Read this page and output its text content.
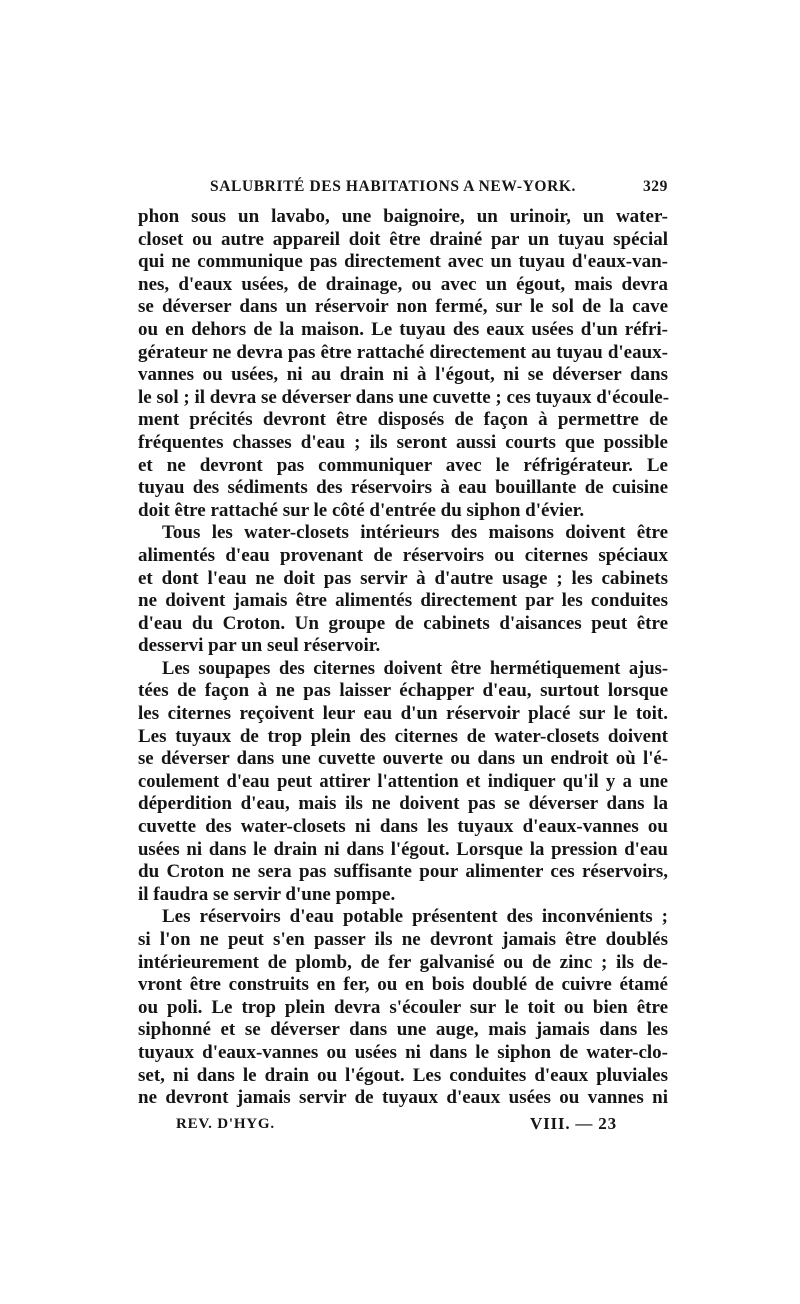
SALUBRITÉ DES HABITATIONS A NEW-YORK.	329

phon sous un lavabo, une baignoire, un urinoir, un water-
closet ou autre appareil doit être drainé par un tuyau spécial
qui ne communique pas directement avec un tuyau d'eaux-van-
nes, d'eaux usées, de drainage, ou avec un égout, mais devra
se déverser dans un réservoir non fermé, sur le sol de la cave
ou en dehors de la maison. Le tuyau des eaux usées d'un réfri-
gérateur ne devra pas être rattaché directement au tuyau d'eaux-
vannes ou usées, ni au drain ni à l'égout, ni se déverser dans
le sol ; il devra se déverser dans une cuvette ; ces tuyaux d'écoule-
ment précités devront être disposés de façon à permettre de
fréquentes chasses d'eau ; ils seront aussi courts que possible
et ne devront pas communiquer avec le réfrigérateur. Le
tuyau des sédiments des réservoirs à eau bouillante de cuisine
doit être rattaché sur le côté d'entrée du siphon d'évier.

Tous les water-closets intérieurs des maisons doivent être
alimentés d'eau provenant de réservoirs ou citernes spéciaux
et dont l'eau ne doit pas servir à d'autre usage ; les cabinets
ne doivent jamais être alimentés directement par les conduites
d'eau du Croton. Un groupe de cabinets d'aisances peut être
desservi par un seul réservoir.

Les soupapes des citernes doivent être hermétiquement ajus-
tées de façon à ne pas laisser échapper d'eau, surtout lorsque
les citernes reçoivent leur eau d'un réservoir placé sur le toit.
Les tuyaux de trop plein des citernes de water-closets doivent
se déverser dans une cuvette ouverte ou dans un endroit où l'é-
coulement d'eau peut attirer l'attention et indiquer qu'il y a une
déperdition d'eau, mais ils ne doivent pas se déverser dans la
cuvette des water-closets ni dans les tuyaux d'eaux-vannes ou
usées ni dans le drain ni dans l'égout. Lorsque la pression d'eau
du Croton ne sera pas suffisante pour alimenter ces réservoirs,
il faudra se servir d'une pompe.

Les réservoirs d'eau potable présentent des inconvénients ;
si l'on ne peut s'en passer ils ne devront jamais être doublés
intérieurement de plomb, de fer galvanisé ou de zinc ; ils de-
vront être construits en fer, ou en bois doublé de cuivre étamé
ou poli. Le trop plein devra s'écouler sur le toit ou bien être
siphonné et se déverser dans une auge, mais jamais dans les
tuyaux d'eaux-vannes ou usées ni dans le siphon de water-clo-
set, ni dans le drain ou l'égout. Les conduites d'eaux pluviales
ne devront jamais servir de tuyaux d'eaux usées ou vannes ni

REV. D'HYG.	VIII. — 23
